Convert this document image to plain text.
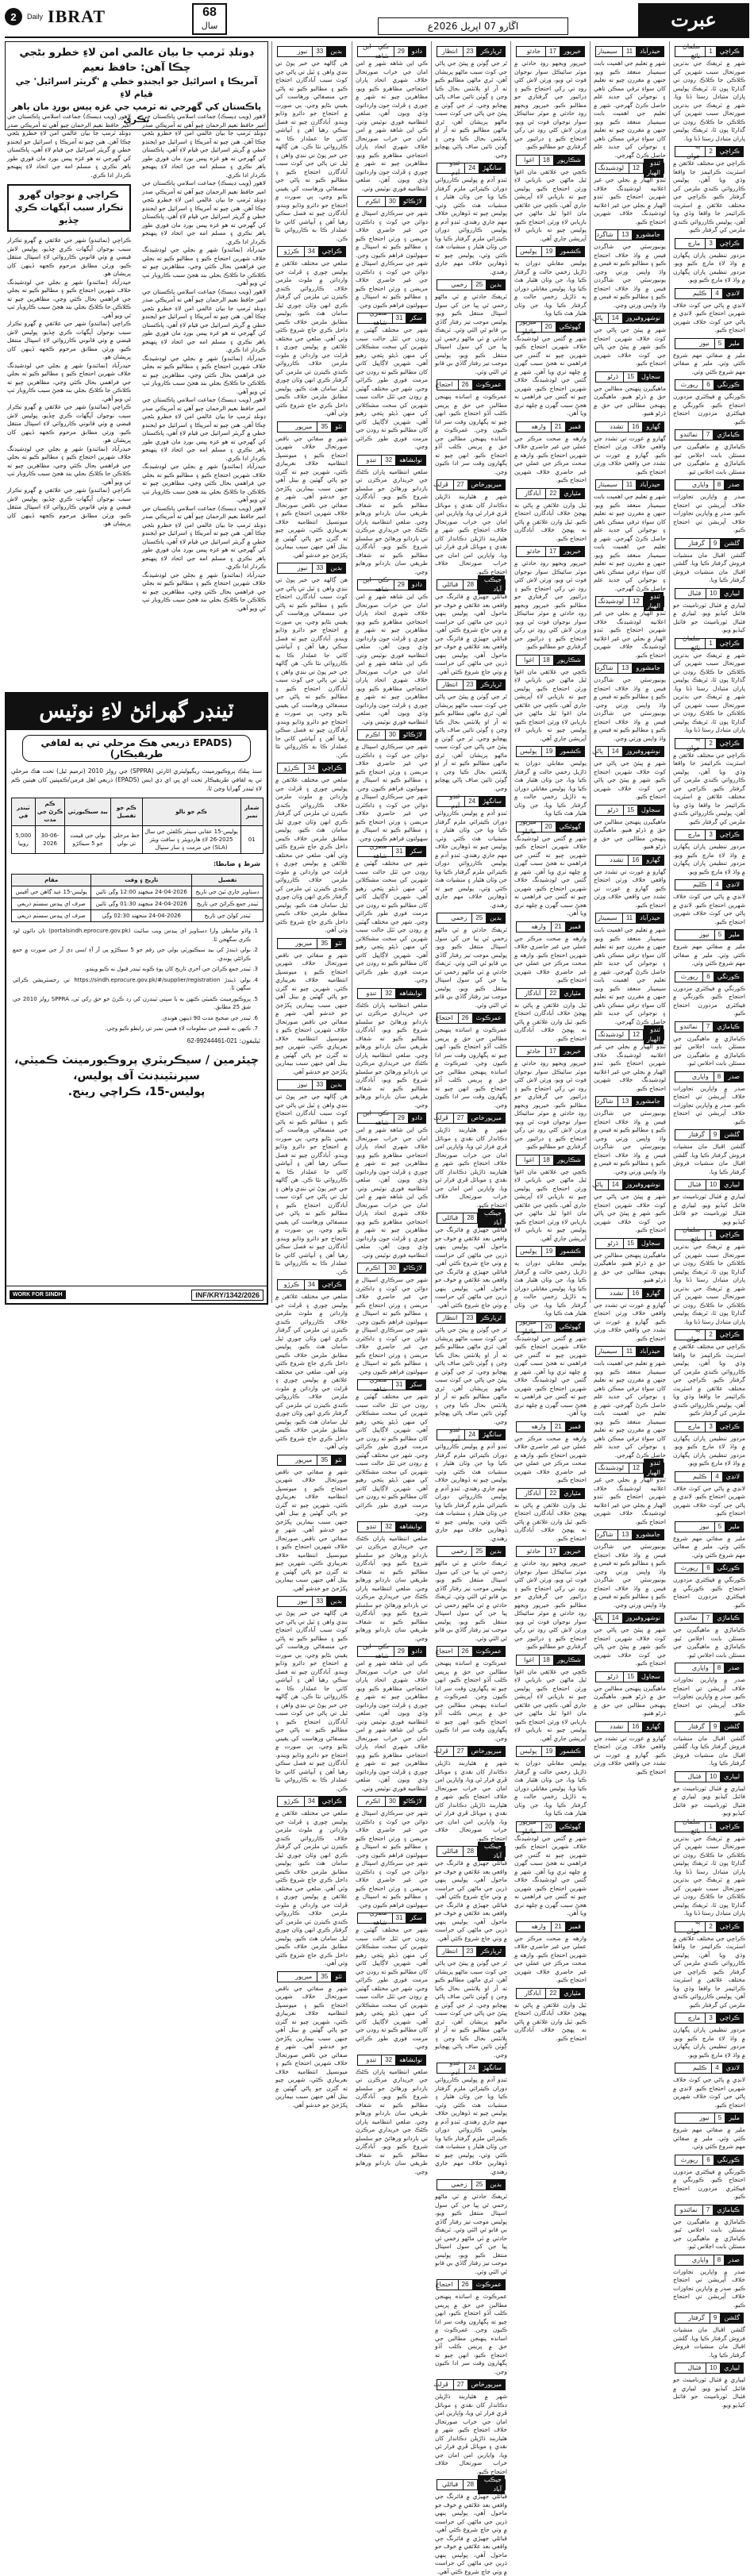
2	Daily IBRAT	68
سال	اڱارو 07 اپريل 2026ع	عبرت
ڊونلڊ ٽرمپ جا بيان عالمي امن لاءِ خطرو بڻجي چڪا آهن: حافظ نعيم
آمريڪا ۽ اسرائيل جو ايجنڊو خطي ۾ 'گريٽر اسرائيل' جي قيام لاءِ
پاڪستان کي گهرجي ته ٽرمپ جي غزه پيس بورڊ مان ٻاهر نڪري

لاهور (ويب ڊيسڪ) جماعت اسلامي پاڪستان جي امير حافظ نعيم الرحمان چيو آهي ته آمريڪي صدر ڊونلڊ ٽرمپ جا بيان عالمي امن لاءِ خطرو بڻجي چڪا آهن. هنن چيو ته آمريڪا ۽ اسرائيل جو ايجنڊو خطي ۾ گريٽر اسرائيل جي قيام لاءِ آهي، پاڪستان کي گهرجي ته هو غزه پيس بورڊ مان فوري طور ٻاهر نڪري ۽ مسلم امه جي اتحاد لاءِ پنهنجو ڪردار ادا ڪري.

لاهور (ويب ڊيسڪ) جماعت اسلامي پاڪستان جي امير حافظ نعيم الرحمان چيو آهي ته آمريڪي صدر ڊونلڊ ٽرمپ جا بيان عالمي امن لاءِ خطرو بڻجي چڪا آهن. هنن چيو ته آمريڪا ۽ اسرائيل جو ايجنڊو خطي ۾ گريٽر اسرائيل جي قيام لاءِ آهي، پاڪستان کي گهرجي ته هو غزه پيس بورڊ مان فوري طور ٻاهر نڪري ۽ مسلم امه جي اتحاد لاءِ پنهنجو ڪردار ادا ڪري.

حيدرآباد (نمائندو) شهر ۾ بجلي جي لوڊشيڊنگ خلاف شهرين احتجاج ڪيو ۽ مطالبو ڪيو ته بجلي جي فراهمي بحال ڪئي وڃي، مظاهرين چيو ته ڪلاڪن جا ڪلاڪ بجلي بند هجڻ سبب ڪاروبار ٺپ ٿي ويو آهي.

لاهور (ويب ڊيسڪ) جماعت اسلامي پاڪستان جي امير حافظ نعيم الرحمان چيو آهي ته آمريڪي صدر ڊونلڊ ٽرمپ جا بيان عالمي امن لاءِ خطرو بڻجي چڪا آهن. هنن چيو ته آمريڪا ۽ اسرائيل جو ايجنڊو خطي ۾ گريٽر اسرائيل جي قيام لاءِ آهي، پاڪستان کي گهرجي ته هو غزه پيس بورڊ مان فوري طور ٻاهر نڪري ۽ مسلم امه جي اتحاد لاءِ پنهنجو ڪردار ادا ڪري.

حيدرآباد (نمائندو) شهر ۾ بجلي جي لوڊشيڊنگ خلاف شهرين احتجاج ڪيو ۽ مطالبو ڪيو ته بجلي جي فراهمي بحال ڪئي وڃي، مظاهرين چيو ته ڪلاڪن جا ڪلاڪ بجلي بند هجڻ سبب ڪاروبار ٺپ ٿي ويو آهي.

لاهور (ويب ڊيسڪ) جماعت اسلامي پاڪستان جي امير حافظ نعيم الرحمان چيو آهي ته آمريڪي صدر ڊونلڊ ٽرمپ جا بيان عالمي امن لاءِ خطرو بڻجي چڪا آهن. هنن چيو ته آمريڪا ۽ اسرائيل جو ايجنڊو خطي ۾ گريٽر اسرائيل جي قيام لاءِ آهي، پاڪستان کي گهرجي ته هو غزه پيس بورڊ مان فوري طور ٻاهر نڪري ۽ مسلم امه جي اتحاد لاءِ پنهنجو ڪردار ادا ڪري.

حيدرآباد (نمائندو) شهر ۾ بجلي جي لوڊشيڊنگ خلاف شهرين احتجاج ڪيو ۽ مطالبو ڪيو ته بجلي جي فراهمي بحال ڪئي وڃي، مظاهرين چيو ته ڪلاڪن جا ڪلاڪ بجلي بند هجڻ سبب ڪاروبار ٺپ ٿي ويو آهي.

لاهور (ويب ڊيسڪ) جماعت اسلامي پاڪستان جي امير حافظ نعيم الرحمان چيو آهي ته آمريڪي صدر ڊونلڊ ٽرمپ جا بيان عالمي امن لاءِ خطرو بڻجي چڪا آهن. هنن چيو ته آمريڪا ۽ اسرائيل جو ايجنڊو خطي ۾ گريٽر اسرائيل جي قيام لاءِ آهي، پاڪستان کي گهرجي ته هو غزه پيس بورڊ مان فوري طور ٻاهر نڪري ۽ مسلم امه جي اتحاد لاءِ پنهنجو ڪردار ادا ڪري.

حيدرآباد (نمائندو) شهر ۾ بجلي جي لوڊشيڊنگ خلاف شهرين احتجاج ڪيو ۽ مطالبو ڪيو ته بجلي جي فراهمي بحال ڪئي وڃي، مظاهرين چيو ته ڪلاڪن جا ڪلاڪ بجلي بند هجڻ سبب ڪاروبار ٺپ ٿي ويو آهي.

لاهور (ويب ڊيسڪ) جماعت اسلامي پاڪستان جي امير حافظ نعيم الرحمان چيو آهي ته آمريڪي صدر ڊونلڊ ٽرمپ جا بيان عالمي امن لاءِ خطرو بڻجي چڪا آهن. هنن چيو ته آمريڪا ۽ اسرائيل جو ايجنڊو خطي ۾ گريٽر اسرائيل جي قيام لاءِ آهي، پاڪستان کي گهرجي ته هو غزه پيس بورڊ مان فوري طور ٻاهر نڪري ۽ مسلم امه جي اتحاد لاءِ پنهنجو ڪردار ادا ڪري.

ڪراچي ۾ نوجوان گهرو تڪرار سبب آپگهات ڪري ڇڏيو

ڪراچي (نمائندو) شهر جي علائقي ۾ گهرو تڪرار سبب نوجوان آپگهات ڪري ڇڏيو، پوليس لاش قبضي ۾ وٺي قانوني ڪارروائي لاءِ اسپتال منتقل ڪيو، ورثن مطابق مرحوم ڪجهه ڏينهن کان پريشان هو.

حيدرآباد (نمائندو) شهر ۾ بجلي جي لوڊشيڊنگ خلاف شهرين احتجاج ڪيو ۽ مطالبو ڪيو ته بجلي جي فراهمي بحال ڪئي وڃي، مظاهرين چيو ته ڪلاڪن جا ڪلاڪ بجلي بند هجڻ سبب ڪاروبار ٺپ ٿي ويو آهي.

ڪراچي (نمائندو) شهر جي علائقي ۾ گهرو تڪرار سبب نوجوان آپگهات ڪري ڇڏيو، پوليس لاش قبضي ۾ وٺي قانوني ڪارروائي لاءِ اسپتال منتقل ڪيو، ورثن مطابق مرحوم ڪجهه ڏينهن کان پريشان هو.

حيدرآباد (نمائندو) شهر ۾ بجلي جي لوڊشيڊنگ خلاف شهرين احتجاج ڪيو ۽ مطالبو ڪيو ته بجلي جي فراهمي بحال ڪئي وڃي، مظاهرين چيو ته ڪلاڪن جا ڪلاڪ بجلي بند هجڻ سبب ڪاروبار ٺپ ٿي ويو آهي.

ڪراچي (نمائندو) شهر جي علائقي ۾ گهرو تڪرار سبب نوجوان آپگهات ڪري ڇڏيو، پوليس لاش قبضي ۾ وٺي قانوني ڪارروائي لاءِ اسپتال منتقل ڪيو، ورثن مطابق مرحوم ڪجهه ڏينهن کان پريشان هو.

حيدرآباد (نمائندو) شهر ۾ بجلي جي لوڊشيڊنگ خلاف شهرين احتجاج ڪيو ۽ مطالبو ڪيو ته بجلي جي فراهمي بحال ڪئي وڃي، مظاهرين چيو ته ڪلاڪن جا ڪلاڪ بجلي بند هجڻ سبب ڪاروبار ٺپ ٿي ويو آهي.

ڪراچي (نمائندو) شهر جي علائقي ۾ گهرو تڪرار سبب نوجوان آپگهات ڪري ڇڏيو، پوليس لاش قبضي ۾ وٺي قانوني ڪارروائي لاءِ اسپتال منتقل ڪيو، ورثن مطابق مرحوم ڪجهه ڏينهن کان پريشان هو.

ٽينڊر گهرائڻ لاءِ نوٽيس
(EPADS ذريعي هڪ مرحلي تي ٻه لفافي طريقيڪار)
سنڌ پبلڪ پروڪيورمينٽ ريگيوليٽري اٿارٽي (SPPRA) جي رولز 2010 (ترميم ٿيل) تحت هڪ مرحلي تي ٻه لفافي طريقيڪار تحت اي پي اي ڊي ايس (EPADS) ذريعي اهل فرمن/ڪمپنين کان هيٺين ڪم لاءِ ٽينڊر گهرايا وڃن ٿا.
شمار نمبر	ڪم جو نالو	ڪم جو تفصيل	بيڊ سيڪيورٽي	ڪم ڪرڻ جي مدت	ٽينڊر في
01	پوليس-15 عقابي سينٽر ڪلفٽن جي سال 2025-26 لاءِ هارڊويئر ۽ سافٽ ويئر (SLA) جي مرمت ۽ سار سنڀال	خط مرحلي تي بولي	بولي جي قيمت جو 5 سيڪڙو	30-06-2026	5,000 روپيا
شرط ۽ ضابطا:
تفصيل	تاريخ ۽ وقت	مقام
دستاويز جاري ٿيڻ جي تاريخ	24-04-2026 منجهند 12:00 وڳي تائين	پوليس-15 عيد ڳاهن جي آفيس
ٽينڊر جمع ڪرائڻ جي تاريخ	24-04-2026 منجهند 01:30 وڳي تائين	صرف اي پيڊس سسٽم ذريعي
ٽينڊر کولڻ جي تاريخ	24-04-2026 منجهند 02:30 وڳي	صرف اي پيڊس سسٽم ذريعي
1. واڌو ضابطي وارا دستاويز اي پيڊس ويب سائيٽ (portalsindh.eprocure.gov.pk) تان ڊائون لوڊ ڪري سگهجن ٿا.
2. بولي ڏيندڙ کي بيڊ سيڪيورٽي بولي جي رقم جو 5 سيڪڙو پي آر آءِ /سي ڊي آر جي صورت ۾ جمع ڪرائڻي پوندي.
3. ٽينڊر جمع ڪرائڻ جي آخري تاريخ کان پوءِ ڪوبه ٽينڊر قبول نه ڪيو ويندو.
4. بولي ڏيندڙ https://sindh.eprocure.gov.pk/#/supplier/registration تي رجسٽريشن ڪرائي سگهن ٿا.
5. پروڪيورمينٽ ڪميٽي ڪنهن به يا سڀني ٽينڊرن کي رد ڪرڻ جو حق رکي ٿي، SPPRA رولز 2010 جي شق 25 مطابق.
6. ٽينڊر جي صحيح مدت 90 ڏينهن هوندي.
7. ڪنهن به قسم جي معلومات لاءِ هيٺين نمبر تي رابطو ڪيو وڃي.
ٽيليفون: 021-99244461-62
چيئرمين / سيڪريٽري پروڪيورمينٽ ڪميٽي،
سپرنٽينڊنٽ آف پوليس،
پوليس-15، ڪراچي رينج.
WORK FOR SINDH	INF/KRY/1342/2026
بدين
33
نيوز

هن ڳالهه جي خبر پوڻ تي ننڍي واهن ۽ ٽيل تي پاڻي جي کوٽ سبب آبادگارن احتجاج ڪيو ۽ مطالبو ڪيو ته پاڻي جي منصفاڻي ورهاست کي يقيني بڻايو وڃي، ٻي صورت ۾ احتجاج جو دائرو وڌايو ويندو. آبادگارن چيو ته فصل سڪي رهيا آهن ۽ آبپاشي کاتي جا عملدار ڪا به ڪارروائي نٿا ڪن. هن ڳالهه جي خبر پوڻ تي ننڍي واهن ۽ ٽيل تي پاڻي جي کوٽ سبب آبادگارن احتجاج ڪيو ۽ مطالبو ڪيو ته پاڻي جي منصفاڻي ورهاست کي يقيني بڻايو وڃي، ٻي صورت ۾ احتجاج جو دائرو وڌايو ويندو. آبادگارن چيو ته فصل سڪي رهيا آهن ۽ آبپاشي کاتي جا عملدار ڪا به ڪارروائي نٿا ڪن.

ڪراچي
34
ڪرڙو

ضلعي جي مختلف علائقن ۾ پوليس چوري ۽ ڦرلٽ جي وارداتن ۾ ملوث ملزمن خلاف ڪارروائي ڪندي ڪيترن ئي ملزمن کي گرفتار ڪري انهن وٽان چوري ٿيل سامان هٿ ڪيو، پوليس مطابق ملزمن خلاف ڪيس داخل ڪري جاچ شروع ڪئي وئي آهي. ضلعي جي مختلف علائقن ۾ پوليس چوري ۽ ڦرلٽ جي وارداتن ۾ ملوث ملزمن خلاف ڪارروائي ڪندي ڪيترن ئي ملزمن کي گرفتار ڪري انهن وٽان چوري ٿيل سامان هٿ ڪيو، پوليس مطابق ملزمن خلاف ڪيس داخل ڪري جاچ شروع ڪئي وئي آهي.

ٺٽو
35
ميرپور

شهر ۾ صفائي جي ناقص صورتحال خلاف شهرين احتجاج ڪيو ۽ ميونسپل انتظاميه خلاف نعريبازي ڪئي، شهرين چيو ته گٽرن جو پاڻي گهٽين ۾ بيٺل آهي جنهن سبب بيمارين پکڙجڻ جو خدشو آهي. شهر ۾ صفائي جي ناقص صورتحال خلاف شهرين احتجاج ڪيو ۽ ميونسپل انتظاميه خلاف نعريبازي ڪئي، شهرين چيو ته گٽرن جو پاڻي گهٽين ۾ بيٺل آهي جنهن سبب بيمارين پکڙجڻ جو خدشو آهي.

بدين
33
نيوز

هن ڳالهه جي خبر پوڻ تي ننڍي واهن ۽ ٽيل تي پاڻي جي کوٽ سبب آبادگارن احتجاج ڪيو ۽ مطالبو ڪيو ته پاڻي جي منصفاڻي ورهاست کي يقيني بڻايو وڃي، ٻي صورت ۾ احتجاج جو دائرو وڌايو ويندو. آبادگارن چيو ته فصل سڪي رهيا آهن ۽ آبپاشي کاتي جا عملدار ڪا به ڪارروائي نٿا ڪن. هن ڳالهه جي خبر پوڻ تي ننڍي واهن ۽ ٽيل تي پاڻي جي کوٽ سبب آبادگارن احتجاج ڪيو ۽ مطالبو ڪيو ته پاڻي جي منصفاڻي ورهاست کي يقيني بڻايو وڃي، ٻي صورت ۾ احتجاج جو دائرو وڌايو ويندو. آبادگارن چيو ته فصل سڪي رهيا آهن ۽ آبپاشي کاتي جا عملدار ڪا به ڪارروائي نٿا ڪن.

ڪراچي
34
ڪرڙو

ضلعي جي مختلف علائقن ۾ پوليس چوري ۽ ڦرلٽ جي وارداتن ۾ ملوث ملزمن خلاف ڪارروائي ڪندي ڪيترن ئي ملزمن کي گرفتار ڪري انهن وٽان چوري ٿيل سامان هٿ ڪيو، پوليس مطابق ملزمن خلاف ڪيس داخل ڪري جاچ شروع ڪئي وئي آهي. ضلعي جي مختلف علائقن ۾ پوليس چوري ۽ ڦرلٽ جي وارداتن ۾ ملوث ملزمن خلاف ڪارروائي ڪندي ڪيترن ئي ملزمن کي گرفتار ڪري انهن وٽان چوري ٿيل سامان هٿ ڪيو، پوليس مطابق ملزمن خلاف ڪيس داخل ڪري جاچ شروع ڪئي وئي آهي.

ٺٽو
35
ميرپور

شهر ۾ صفائي جي ناقص صورتحال خلاف شهرين احتجاج ڪيو ۽ ميونسپل انتظاميه خلاف نعريبازي ڪئي، شهرين چيو ته گٽرن جو پاڻي گهٽين ۾ بيٺل آهي جنهن سبب بيمارين پکڙجڻ جو خدشو آهي. شهر ۾ صفائي جي ناقص صورتحال خلاف شهرين احتجاج ڪيو ۽ ميونسپل انتظاميه خلاف نعريبازي ڪئي، شهرين چيو ته گٽرن جو پاڻي گهٽين ۾ بيٺل آهي جنهن سبب بيمارين پکڙجڻ جو خدشو آهي.

بدين
33
نيوز

هن ڳالهه جي خبر پوڻ تي ننڍي واهن ۽ ٽيل تي پاڻي جي کوٽ سبب آبادگارن احتجاج ڪيو ۽ مطالبو ڪيو ته پاڻي جي منصفاڻي ورهاست کي يقيني بڻايو وڃي، ٻي صورت ۾ احتجاج جو دائرو وڌايو ويندو. آبادگارن چيو ته فصل سڪي رهيا آهن ۽ آبپاشي کاتي جا عملدار ڪا به ڪارروائي نٿا ڪن. هن ڳالهه جي خبر پوڻ تي ننڍي واهن ۽ ٽيل تي پاڻي جي کوٽ سبب آبادگارن احتجاج ڪيو ۽ مطالبو ڪيو ته پاڻي جي منصفاڻي ورهاست کي يقيني بڻايو وڃي، ٻي صورت ۾ احتجاج جو دائرو وڌايو ويندو. آبادگارن چيو ته فصل سڪي رهيا آهن ۽ آبپاشي کاتي جا عملدار ڪا به ڪارروائي نٿا ڪن.

ڪراچي
34
ڪرڙو

ضلعي جي مختلف علائقن ۾ پوليس چوري ۽ ڦرلٽ جي وارداتن ۾ ملوث ملزمن خلاف ڪارروائي ڪندي ڪيترن ئي ملزمن کي گرفتار ڪري انهن وٽان چوري ٿيل سامان هٿ ڪيو، پوليس مطابق ملزمن خلاف ڪيس داخل ڪري جاچ شروع ڪئي وئي آهي. ضلعي جي مختلف علائقن ۾ پوليس چوري ۽ ڦرلٽ جي وارداتن ۾ ملوث ملزمن خلاف ڪارروائي ڪندي ڪيترن ئي ملزمن کي گرفتار ڪري انهن وٽان چوري ٿيل سامان هٿ ڪيو، پوليس مطابق ملزمن خلاف ڪيس داخل ڪري جاچ شروع ڪئي وئي آهي.

ٺٽو
35
ميرپور

شهر ۾ صفائي جي ناقص صورتحال خلاف شهرين احتجاج ڪيو ۽ ميونسپل انتظاميه خلاف نعريبازي ڪئي، شهرين چيو ته گٽرن جو پاڻي گهٽين ۾ بيٺل آهي جنهن سبب بيمارين پکڙجڻ جو خدشو آهي. شهر ۾ صفائي جي ناقص صورتحال خلاف شهرين احتجاج ڪيو ۽ ميونسپل انتظاميه خلاف نعريبازي ڪئي، شهرين چيو ته گٽرن جو پاڻي گهٽين ۾ بيٺل آهي جنهن سبب بيمارين پکڙجڻ جو خدشو آهي.

بدين
33
نيوز

هن ڳالهه جي خبر پوڻ تي ننڍي واهن ۽ ٽيل تي پاڻي جي کوٽ سبب آبادگارن احتجاج ڪيو ۽ مطالبو ڪيو ته پاڻي جي منصفاڻي ورهاست کي يقيني بڻايو وڃي، ٻي صورت ۾ احتجاج جو دائرو وڌايو ويندو. آبادگارن چيو ته فصل سڪي رهيا آهن ۽ آبپاشي کاتي جا عملدار ڪا به ڪارروائي نٿا ڪن. هن ڳالهه جي خبر پوڻ تي ننڍي واهن ۽ ٽيل تي پاڻي جي کوٽ سبب آبادگارن احتجاج ڪيو ۽ مطالبو ڪيو ته پاڻي جي منصفاڻي ورهاست کي يقيني بڻايو وڃي، ٻي صورت ۾ احتجاج جو دائرو وڌايو ويندو. آبادگارن چيو ته فصل سڪي رهيا آهن ۽ آبپاشي کاتي جا عملدار ڪا به ڪارروائي نٿا ڪن.

ڪراچي
34
ڪرڙو

ضلعي جي مختلف علائقن ۾ پوليس چوري ۽ ڦرلٽ جي وارداتن ۾ ملوث ملزمن خلاف ڪارروائي ڪندي ڪيترن ئي ملزمن کي گرفتار ڪري انهن وٽان چوري ٿيل سامان هٿ ڪيو، پوليس مطابق ملزمن خلاف ڪيس داخل ڪري جاچ شروع ڪئي وئي آهي. ضلعي جي مختلف علائقن ۾ پوليس چوري ۽ ڦرلٽ جي وارداتن ۾ ملوث ملزمن خلاف ڪارروائي ڪندي ڪيترن ئي ملزمن کي گرفتار ڪري انهن وٽان چوري ٿيل سامان هٿ ڪيو، پوليس مطابق ملزمن خلاف ڪيس داخل ڪري جاچ شروع ڪئي وئي آهي.

ٺٽو
35
ميرپور

شهر ۾ صفائي جي ناقص صورتحال خلاف شهرين احتجاج ڪيو ۽ ميونسپل انتظاميه خلاف نعريبازي ڪئي، شهرين چيو ته گٽرن جو پاڻي گهٽين ۾ بيٺل آهي جنهن سبب بيمارين پکڙجڻ جو خدشو آهي. شهر ۾ صفائي جي ناقص صورتحال خلاف شهرين احتجاج ڪيو ۽ ميونسپل انتظاميه خلاف نعريبازي ڪئي، شهرين چيو ته گٽرن جو پاڻي گهٽين ۾ بيٺل آهي جنهن سبب بيمارين پکڙجڻ جو خدشو آهي.

دادو
29
ڪي اين شاهه

ڪي اين شاهه شهر ۾ امن امان جي خراب صورتحال خلاف شهري اتحاد پاران احتجاجي مظاهرو ڪيو ويو، مظاهرين چيو ته شهر ۾ چوري ۽ ڦرلٽ جون وارداتون وڌي ويون آهن، ضلعي انتظاميه فوري نوٽيس وٺي. ڪي اين شاهه شهر ۾ امن امان جي خراب صورتحال خلاف شهري اتحاد پاران احتجاجي مظاهرو ڪيو ويو، مظاهرين چيو ته شهر ۾ چوري ۽ ڦرلٽ جون وارداتون وڌي ويون آهن، ضلعي انتظاميه فوري نوٽيس وٺي.

لاڙڪاڻو
30
اڪرم

شهر جي سرڪاري اسپتال ۾ دوائن جي کوٽ ۽ ڊاڪٽرن جي غير حاضري خلاف مريضن ۽ ورثن احتجاج ڪيو ۽ مطالبو ڪيو ته اسپتال ۾ سهولتون فراهم ڪيون وڃن. شهر جي سرڪاري اسپتال ۾ دوائن جي کوٽ ۽ ڊاڪٽرن جي غير حاضري خلاف مريضن ۽ ورثن احتجاج ڪيو ۽ مطالبو ڪيو ته اسپتال ۾ سهولتون فراهم ڪيون وڃن.

سکر
31
مصري شاهه

شهر جي مختلف گهٽين ۾ روڊن جي ٽٽل حالت سبب شهرين کي سخت مشڪلاتن کي منهن ڏيڻو پئجي رهيو آهي، شهرين لاڳاپيل کاتي کان مطالبو ڪيو ته روڊن جي مرمت فوري طور ڪرائي وڃي. شهر جي مختلف گهٽين ۾ روڊن جي ٽٽل حالت سبب شهرين کي سخت مشڪلاتن کي منهن ڏيڻو پئجي رهيو آهي، شهرين لاڳاپيل کاتي کان مطالبو ڪيو ته روڊن جي مرمت فوري طور ڪرائي وڃي.

نوابشاهه
32
تنڊو

ضلعي انتظاميه پاران ڪڻڪ جي خريداري مرڪزن تي باردانو ورهائڻ جو سلسلو شروع ڪيو ويو، آبادگارن مطالبو ڪيو ته شفاف طريقي سان باردانو ورهايو وڃي. ضلعي انتظاميه پاران ڪڻڪ جي خريداري مرڪزن تي باردانو ورهائڻ جو سلسلو شروع ڪيو ويو، آبادگارن مطالبو ڪيو ته شفاف طريقي سان باردانو ورهايو وڃي.

دادو
29
ڪي اين شاهه

ڪي اين شاهه شهر ۾ امن امان جي خراب صورتحال خلاف شهري اتحاد پاران احتجاجي مظاهرو ڪيو ويو، مظاهرين چيو ته شهر ۾ چوري ۽ ڦرلٽ جون وارداتون وڌي ويون آهن، ضلعي انتظاميه فوري نوٽيس وٺي. ڪي اين شاهه شهر ۾ امن امان جي خراب صورتحال خلاف شهري اتحاد پاران احتجاجي مظاهرو ڪيو ويو، مظاهرين چيو ته شهر ۾ چوري ۽ ڦرلٽ جون وارداتون وڌي ويون آهن، ضلعي انتظاميه فوري نوٽيس وٺي.

لاڙڪاڻو
30
اڪرم

شهر جي سرڪاري اسپتال ۾ دوائن جي کوٽ ۽ ڊاڪٽرن جي غير حاضري خلاف مريضن ۽ ورثن احتجاج ڪيو ۽ مطالبو ڪيو ته اسپتال ۾ سهولتون فراهم ڪيون وڃن. شهر جي سرڪاري اسپتال ۾ دوائن جي کوٽ ۽ ڊاڪٽرن جي غير حاضري خلاف مريضن ۽ ورثن احتجاج ڪيو ۽ مطالبو ڪيو ته اسپتال ۾ سهولتون فراهم ڪيون وڃن.

سکر
31
مصري شاهه

شهر جي مختلف گهٽين ۾ روڊن جي ٽٽل حالت سبب شهرين کي سخت مشڪلاتن کي منهن ڏيڻو پئجي رهيو آهي، شهرين لاڳاپيل کاتي کان مطالبو ڪيو ته روڊن جي مرمت فوري طور ڪرائي وڃي. شهر جي مختلف گهٽين ۾ روڊن جي ٽٽل حالت سبب شهرين کي سخت مشڪلاتن کي منهن ڏيڻو پئجي رهيو آهي، شهرين لاڳاپيل کاتي کان مطالبو ڪيو ته روڊن جي مرمت فوري طور ڪرائي وڃي.

نوابشاهه
32
تنڊو

ضلعي انتظاميه پاران ڪڻڪ جي خريداري مرڪزن تي باردانو ورهائڻ جو سلسلو شروع ڪيو ويو، آبادگارن مطالبو ڪيو ته شفاف طريقي سان باردانو ورهايو وڃي. ضلعي انتظاميه پاران ڪڻڪ جي خريداري مرڪزن تي باردانو ورهائڻ جو سلسلو شروع ڪيو ويو، آبادگارن مطالبو ڪيو ته شفاف طريقي سان باردانو ورهايو وڃي.

دادو
29
ڪي اين شاهه

ڪي اين شاهه شهر ۾ امن امان جي خراب صورتحال خلاف شهري اتحاد پاران احتجاجي مظاهرو ڪيو ويو، مظاهرين چيو ته شهر ۾ چوري ۽ ڦرلٽ جون وارداتون وڌي ويون آهن، ضلعي انتظاميه فوري نوٽيس وٺي. ڪي اين شاهه شهر ۾ امن امان جي خراب صورتحال خلاف شهري اتحاد پاران احتجاجي مظاهرو ڪيو ويو، مظاهرين چيو ته شهر ۾ چوري ۽ ڦرلٽ جون وارداتون وڌي ويون آهن، ضلعي انتظاميه فوري نوٽيس وٺي.

لاڙڪاڻو
30
اڪرم

شهر جي سرڪاري اسپتال ۾ دوائن جي کوٽ ۽ ڊاڪٽرن جي غير حاضري خلاف مريضن ۽ ورثن احتجاج ڪيو ۽ مطالبو ڪيو ته اسپتال ۾ سهولتون فراهم ڪيون وڃن. شهر جي سرڪاري اسپتال ۾ دوائن جي کوٽ ۽ ڊاڪٽرن جي غير حاضري خلاف مريضن ۽ ورثن احتجاج ڪيو ۽ مطالبو ڪيو ته اسپتال ۾ سهولتون فراهم ڪيون وڃن.

سکر
31
مصري شاهه

شهر جي مختلف گهٽين ۾ روڊن جي ٽٽل حالت سبب شهرين کي سخت مشڪلاتن کي منهن ڏيڻو پئجي رهيو آهي، شهرين لاڳاپيل کاتي کان مطالبو ڪيو ته روڊن جي مرمت فوري طور ڪرائي وڃي. شهر جي مختلف گهٽين ۾ روڊن جي ٽٽل حالت سبب شهرين کي سخت مشڪلاتن کي منهن ڏيڻو پئجي رهيو آهي، شهرين لاڳاپيل کاتي کان مطالبو ڪيو ته روڊن جي مرمت فوري طور ڪرائي وڃي.

نوابشاهه
32
تنڊو

ضلعي انتظاميه پاران ڪڻڪ جي خريداري مرڪزن تي باردانو ورهائڻ جو سلسلو شروع ڪيو ويو، آبادگارن مطالبو ڪيو ته شفاف طريقي سان باردانو ورهايو وڃي. ضلعي انتظاميه پاران ڪڻڪ جي خريداري مرڪزن تي باردانو ورهائڻ جو سلسلو شروع ڪيو ويو، آبادگارن مطالبو ڪيو ته شفاف طريقي سان باردانو ورهايو وڃي.

دادو
29
ڪي اين شاهه

ڪي اين شاهه شهر ۾ امن امان جي خراب صورتحال خلاف شهري اتحاد پاران احتجاجي مظاهرو ڪيو ويو، مظاهرين چيو ته شهر ۾ چوري ۽ ڦرلٽ جون وارداتون وڌي ويون آهن، ضلعي انتظاميه فوري نوٽيس وٺي. ڪي اين شاهه شهر ۾ امن امان جي خراب صورتحال خلاف شهري اتحاد پاران احتجاجي مظاهرو ڪيو ويو، مظاهرين چيو ته شهر ۾ چوري ۽ ڦرلٽ جون وارداتون وڌي ويون آهن، ضلعي انتظاميه فوري نوٽيس وٺي.

لاڙڪاڻو
30
اڪرم

شهر جي سرڪاري اسپتال ۾ دوائن جي کوٽ ۽ ڊاڪٽرن جي غير حاضري خلاف مريضن ۽ ورثن احتجاج ڪيو ۽ مطالبو ڪيو ته اسپتال ۾ سهولتون فراهم ڪيون وڃن. شهر جي سرڪاري اسپتال ۾ دوائن جي کوٽ ۽ ڊاڪٽرن جي غير حاضري خلاف مريضن ۽ ورثن احتجاج ڪيو ۽ مطالبو ڪيو ته اسپتال ۾ سهولتون فراهم ڪيون وڃن.

سکر
31
مصري شاهه

شهر جي مختلف گهٽين ۾ روڊن جي ٽٽل حالت سبب شهرين کي سخت مشڪلاتن کي منهن ڏيڻو پئجي رهيو آهي، شهرين لاڳاپيل کاتي کان مطالبو ڪيو ته روڊن جي مرمت فوري طور ڪرائي وڃي. شهر جي مختلف گهٽين ۾ روڊن جي ٽٽل حالت سبب شهرين کي سخت مشڪلاتن کي منهن ڏيڻو پئجي رهيو آهي، شهرين لاڳاپيل کاتي کان مطالبو ڪيو ته روڊن جي مرمت فوري طور ڪرائي وڃي.

نوابشاهه
32
تنڊو

ضلعي انتظاميه پاران ڪڻڪ جي خريداري مرڪزن تي باردانو ورهائڻ جو سلسلو شروع ڪيو ويو، آبادگارن مطالبو ڪيو ته شفاف طريقي سان باردانو ورهايو وڃي. ضلعي انتظاميه پاران ڪڻڪ جي خريداري مرڪزن تي باردانو ورهائڻ جو سلسلو شروع ڪيو ويو، آبادگارن مطالبو ڪيو ته شفاف طريقي سان باردانو ورهايو وڃي.

ٿرپارڪر
23
انتظار

ٿر جي ڳوٺن ۾ پيئڻ جي پاڻي جي کوٽ سبب ماڻهو پريشان آهن، ٿري ماڻهن مطالبو ڪيو ته آر او پلانٽس بحال ڪيا وڃن ۽ ڳوٺن تائين صاف پاڻي پهچايو وڃي. ٿر جي ڳوٺن ۾ پيئڻ جي پاڻي جي کوٽ سبب ماڻهو پريشان آهن، ٿري ماڻهن مطالبو ڪيو ته آر او پلانٽس بحال ڪيا وڃن ۽ ڳوٺن تائين صاف پاڻي پهچايو وڃي.

سانگهڙ
24
ٽنڊو آدم

ٽنڊو آدم ۾ پوليس ڪارروائي دوران ڪيترائي ملزم گرفتار ڪيا ويا جن وٽان هٿيار ۽ منشيات هٿ ڪئي وئي، پوليس چيو ته ڏوهارين خلاف مهم جاري رهندي. ٽنڊو آدم ۾ پوليس ڪارروائي دوران ڪيترائي ملزم گرفتار ڪيا ويا جن وٽان هٿيار ۽ منشيات هٿ ڪئي وئي، پوليس چيو ته ڏوهارين خلاف مهم جاري رهندي.

بدين
25
زخمي

ٽريفڪ حادثي ۾ ٽي ماڻهو زخمي ٿي پيا جن کي سول اسپتال منتقل ڪيو ويو، پوليس موجب تيز رفتار گاڏي بي قابو ٿي الٽي وئي. ٽريفڪ حادثي ۾ ٽي ماڻهو زخمي ٿي پيا جن کي سول اسپتال منتقل ڪيو ويو، پوليس موجب تيز رفتار گاڏي بي قابو ٿي الٽي وئي.

عمرڪوٽ
26
احتجاج

عمرڪوٽ ۾ اساتذه پنهنجن مطالبن جي حق ۾ پريس ڪلب آڏو احتجاج ڪيو، انهن چيو ته پگهارون وقت سر ادا ڪيون وڃن. عمرڪوٽ ۾ اساتذه پنهنجن مطالبن جي حق ۾ پريس ڪلب آڏو احتجاج ڪيو، انهن چيو ته پگهارون وقت سر ادا ڪيون وڃن.

ميرپورخاص
27
ڦرلٽ

شهر ۾ هٿياربند ڌاڙيلن دڪاندار کان نقدي ۽ موبائل ڦري فرار ٿي ويا، واپارين امن امان جي خراب صورتحال خلاف احتجاج ڪيو. شهر ۾ هٿياربند ڌاڙيلن دڪاندار کان نقدي ۽ موبائل ڦري فرار ٿي ويا، واپارين امن امان جي خراب صورتحال خلاف احتجاج ڪيو.

جيڪب آباد
28
قبائلي

قبائلي جهيڙي ۾ فائرنگ جي واقعي بعد علائقي ۾ خوف جو ماحول آهي، پوليس ٻنهي ڌرين جي ماڻهن کي حراست ۾ وٺي جاچ شروع ڪئي آهي. قبائلي جهيڙي ۾ فائرنگ جي واقعي بعد علائقي ۾ خوف جو ماحول آهي، پوليس ٻنهي ڌرين جي ماڻهن کي حراست ۾ وٺي جاچ شروع ڪئي آهي.

ٿرپارڪر
23
انتظار

ٿر جي ڳوٺن ۾ پيئڻ جي پاڻي جي کوٽ سبب ماڻهو پريشان آهن، ٿري ماڻهن مطالبو ڪيو ته آر او پلانٽس بحال ڪيا وڃن ۽ ڳوٺن تائين صاف پاڻي پهچايو وڃي. ٿر جي ڳوٺن ۾ پيئڻ جي پاڻي جي کوٽ سبب ماڻهو پريشان آهن، ٿري ماڻهن مطالبو ڪيو ته آر او پلانٽس بحال ڪيا وڃن ۽ ڳوٺن تائين صاف پاڻي پهچايو وڃي.

سانگهڙ
24
ٽنڊو آدم

ٽنڊو آدم ۾ پوليس ڪارروائي دوران ڪيترائي ملزم گرفتار ڪيا ويا جن وٽان هٿيار ۽ منشيات هٿ ڪئي وئي، پوليس چيو ته ڏوهارين خلاف مهم جاري رهندي. ٽنڊو آدم ۾ پوليس ڪارروائي دوران ڪيترائي ملزم گرفتار ڪيا ويا جن وٽان هٿيار ۽ منشيات هٿ ڪئي وئي، پوليس چيو ته ڏوهارين خلاف مهم جاري رهندي.

بدين
25
زخمي

ٽريفڪ حادثي ۾ ٽي ماڻهو زخمي ٿي پيا جن کي سول اسپتال منتقل ڪيو ويو، پوليس موجب تيز رفتار گاڏي بي قابو ٿي الٽي وئي. ٽريفڪ حادثي ۾ ٽي ماڻهو زخمي ٿي پيا جن کي سول اسپتال منتقل ڪيو ويو، پوليس موجب تيز رفتار گاڏي بي قابو ٿي الٽي وئي.

عمرڪوٽ
26
احتجاج

عمرڪوٽ ۾ اساتذه پنهنجن مطالبن جي حق ۾ پريس ڪلب آڏو احتجاج ڪيو، انهن چيو ته پگهارون وقت سر ادا ڪيون وڃن. عمرڪوٽ ۾ اساتذه پنهنجن مطالبن جي حق ۾ پريس ڪلب آڏو احتجاج ڪيو، انهن چيو ته پگهارون وقت سر ادا ڪيون وڃن.

ميرپورخاص
27
ڦرلٽ

شهر ۾ هٿياربند ڌاڙيلن دڪاندار کان نقدي ۽ موبائل ڦري فرار ٿي ويا، واپارين امن امان جي خراب صورتحال خلاف احتجاج ڪيو. شهر ۾ هٿياربند ڌاڙيلن دڪاندار کان نقدي ۽ موبائل ڦري فرار ٿي ويا، واپارين امن امان جي خراب صورتحال خلاف احتجاج ڪيو.

جيڪب آباد
28
قبائلي

قبائلي جهيڙي ۾ فائرنگ جي واقعي بعد علائقي ۾ خوف جو ماحول آهي، پوليس ٻنهي ڌرين جي ماڻهن کي حراست ۾ وٺي جاچ شروع ڪئي آهي. قبائلي جهيڙي ۾ فائرنگ جي واقعي بعد علائقي ۾ خوف جو ماحول آهي، پوليس ٻنهي ڌرين جي ماڻهن کي حراست ۾ وٺي جاچ شروع ڪئي آهي.

ٿرپارڪر
23
انتظار

ٿر جي ڳوٺن ۾ پيئڻ جي پاڻي جي کوٽ سبب ماڻهو پريشان آهن، ٿري ماڻهن مطالبو ڪيو ته آر او پلانٽس بحال ڪيا وڃن ۽ ڳوٺن تائين صاف پاڻي پهچايو وڃي. ٿر جي ڳوٺن ۾ پيئڻ جي پاڻي جي کوٽ سبب ماڻهو پريشان آهن، ٿري ماڻهن مطالبو ڪيو ته آر او پلانٽس بحال ڪيا وڃن ۽ ڳوٺن تائين صاف پاڻي پهچايو وڃي.

سانگهڙ
24
ٽنڊو آدم

ٽنڊو آدم ۾ پوليس ڪارروائي دوران ڪيترائي ملزم گرفتار ڪيا ويا جن وٽان هٿيار ۽ منشيات هٿ ڪئي وئي، پوليس چيو ته ڏوهارين خلاف مهم جاري رهندي. ٽنڊو آدم ۾ پوليس ڪارروائي دوران ڪيترائي ملزم گرفتار ڪيا ويا جن وٽان هٿيار ۽ منشيات هٿ ڪئي وئي، پوليس چيو ته ڏوهارين خلاف مهم جاري رهندي.

بدين
25
زخمي

ٽريفڪ حادثي ۾ ٽي ماڻهو زخمي ٿي پيا جن کي سول اسپتال منتقل ڪيو ويو، پوليس موجب تيز رفتار گاڏي بي قابو ٿي الٽي وئي. ٽريفڪ حادثي ۾ ٽي ماڻهو زخمي ٿي پيا جن کي سول اسپتال منتقل ڪيو ويو، پوليس موجب تيز رفتار گاڏي بي قابو ٿي الٽي وئي.

عمرڪوٽ
26
احتجاج

عمرڪوٽ ۾ اساتذه پنهنجن مطالبن جي حق ۾ پريس ڪلب آڏو احتجاج ڪيو، انهن چيو ته پگهارون وقت سر ادا ڪيون وڃن. عمرڪوٽ ۾ اساتذه پنهنجن مطالبن جي حق ۾ پريس ڪلب آڏو احتجاج ڪيو، انهن چيو ته پگهارون وقت سر ادا ڪيون وڃن.

ميرپورخاص
27
ڦرلٽ

شهر ۾ هٿياربند ڌاڙيلن دڪاندار کان نقدي ۽ موبائل ڦري فرار ٿي ويا، واپارين امن امان جي خراب صورتحال خلاف احتجاج ڪيو. شهر ۾ هٿياربند ڌاڙيلن دڪاندار کان نقدي ۽ موبائل ڦري فرار ٿي ويا، واپارين امن امان جي خراب صورتحال خلاف احتجاج ڪيو.

جيڪب آباد
28
قبائلي

قبائلي جهيڙي ۾ فائرنگ جي واقعي بعد علائقي ۾ خوف جو ماحول آهي، پوليس ٻنهي ڌرين جي ماڻهن کي حراست ۾ وٺي جاچ شروع ڪئي آهي. قبائلي جهيڙي ۾ فائرنگ جي واقعي بعد علائقي ۾ خوف جو ماحول آهي، پوليس ٻنهي ڌرين جي ماڻهن کي حراست ۾ وٺي جاچ شروع ڪئي آهي.

ٿرپارڪر
23
انتظار

ٿر جي ڳوٺن ۾ پيئڻ جي پاڻي جي کوٽ سبب ماڻهو پريشان آهن، ٿري ماڻهن مطالبو ڪيو ته آر او پلانٽس بحال ڪيا وڃن ۽ ڳوٺن تائين صاف پاڻي پهچايو وڃي. ٿر جي ڳوٺن ۾ پيئڻ جي پاڻي جي کوٽ سبب ماڻهو پريشان آهن، ٿري ماڻهن مطالبو ڪيو ته آر او پلانٽس بحال ڪيا وڃن ۽ ڳوٺن تائين صاف پاڻي پهچايو وڃي.

سانگهڙ
24
ٽنڊو آدم

ٽنڊو آدم ۾ پوليس ڪارروائي دوران ڪيترائي ملزم گرفتار ڪيا ويا جن وٽان هٿيار ۽ منشيات هٿ ڪئي وئي، پوليس چيو ته ڏوهارين خلاف مهم جاري رهندي. ٽنڊو آدم ۾ پوليس ڪارروائي دوران ڪيترائي ملزم گرفتار ڪيا ويا جن وٽان هٿيار ۽ منشيات هٿ ڪئي وئي، پوليس چيو ته ڏوهارين خلاف مهم جاري رهندي.

بدين
25
زخمي

ٽريفڪ حادثي ۾ ٽي ماڻهو زخمي ٿي پيا جن کي سول اسپتال منتقل ڪيو ويو، پوليس موجب تيز رفتار گاڏي بي قابو ٿي الٽي وئي. ٽريفڪ حادثي ۾ ٽي ماڻهو زخمي ٿي پيا جن کي سول اسپتال منتقل ڪيو ويو، پوليس موجب تيز رفتار گاڏي بي قابو ٿي الٽي وئي.

عمرڪوٽ
26
احتجاج

عمرڪوٽ ۾ اساتذه پنهنجن مطالبن جي حق ۾ پريس ڪلب آڏو احتجاج ڪيو، انهن چيو ته پگهارون وقت سر ادا ڪيون وڃن. عمرڪوٽ ۾ اساتذه پنهنجن مطالبن جي حق ۾ پريس ڪلب آڏو احتجاج ڪيو، انهن چيو ته پگهارون وقت سر ادا ڪيون وڃن.

ميرپورخاص
27
ڦرلٽ

شهر ۾ هٿياربند ڌاڙيلن دڪاندار کان نقدي ۽ موبائل ڦري فرار ٿي ويا، واپارين امن امان جي خراب صورتحال خلاف احتجاج ڪيو. شهر ۾ هٿياربند ڌاڙيلن دڪاندار کان نقدي ۽ موبائل ڦري فرار ٿي ويا، واپارين امن امان جي خراب صورتحال خلاف احتجاج ڪيو.

جيڪب آباد
28
قبائلي

قبائلي جهيڙي ۾ فائرنگ جي واقعي بعد علائقي ۾ خوف جو ماحول آهي، پوليس ٻنهي ڌرين جي ماڻهن کي حراست ۾ وٺي جاچ شروع ڪئي آهي. قبائلي جهيڙي ۾ فائرنگ جي واقعي بعد علائقي ۾ خوف جو ماحول آهي، پوليس ٻنهي ڌرين جي ماڻهن کي حراست ۾ وٺي جاچ شروع ڪئي آهي.

خيرپور
17
حادثو

خيرپور ويجهو روڊ حادثي ۾ موٽر سائيڪل سوار نوجوان فوت ٿي ويو، ورثن لاش کڻي روڊ تي رکي احتجاج ڪيو ۽ ڊرائيور جي گرفتاري جو مطالبو ڪيو. خيرپور ويجهو روڊ حادثي ۾ موٽر سائيڪل سوار نوجوان فوت ٿي ويو، ورثن لاش کڻي روڊ تي رکي احتجاج ڪيو ۽ ڊرائيور جي گرفتاري جو مطالبو ڪيو.

شڪارپور
18
اغوا

ڪچي جي علائقي مان اغوا ٿيل ماڻهن جي بازيابي لاءِ ورثن احتجاج ڪيو، پوليس چيو ته بازيابي لاءِ آپريشن جاري آهي. ڪچي جي علائقي مان اغوا ٿيل ماڻهن جي بازيابي لاءِ ورثن احتجاج ڪيو، پوليس چيو ته بازيابي لاءِ آپريشن جاري آهي.

ڪشمور
19
پوليس

پوليس مقابلي دوران ٻه ڌاڙيل زخمي حالت ۾ گرفتار ڪيا ويا، جن وٽان هٿيار هٿ ڪيا ويا. پوليس مقابلي دوران ٻه ڌاڙيل زخمي حالت ۾ گرفتار ڪيا ويا، جن وٽان هٿيار هٿ ڪيا ويا.

گهوٽڪي
20
ميرپور ماٿيلو

شهر ۾ گئس جي لوڊشيڊنگ خلاف شهرين احتجاج ڪيو، شهرين چيو ته گئس جي فراهمي نه هجڻ سبب گهرن ۾ چلهه ٺري ويا آهن. شهر ۾ گئس جي لوڊشيڊنگ خلاف شهرين احتجاج ڪيو، شهرين چيو ته گئس جي فراهمي نه هجڻ سبب گهرن ۾ چلهه ٺري ويا آهن.

قمبر
21
وارهه

وارهه ۾ صحت مرڪز جي عملي جي غير حاضري خلاف شهرين احتجاج ڪيو. وارهه ۾ صحت مرڪز جي عملي جي غير حاضري خلاف شهرين احتجاج ڪيو.

مٽياري
22
آبادگار

ٽيل وارن علائقن ۾ پاڻي نه پهچڻ خلاف آبادگارن احتجاج ڪيو. ٽيل وارن علائقن ۾ پاڻي نه پهچڻ خلاف آبادگارن احتجاج ڪيو.

خيرپور
17
حادثو

خيرپور ويجهو روڊ حادثي ۾ موٽر سائيڪل سوار نوجوان فوت ٿي ويو، ورثن لاش کڻي روڊ تي رکي احتجاج ڪيو ۽ ڊرائيور جي گرفتاري جو مطالبو ڪيو. خيرپور ويجهو روڊ حادثي ۾ موٽر سائيڪل سوار نوجوان فوت ٿي ويو، ورثن لاش کڻي روڊ تي رکي احتجاج ڪيو ۽ ڊرائيور جي گرفتاري جو مطالبو ڪيو.

شڪارپور
18
اغوا

ڪچي جي علائقي مان اغوا ٿيل ماڻهن جي بازيابي لاءِ ورثن احتجاج ڪيو، پوليس چيو ته بازيابي لاءِ آپريشن جاري آهي. ڪچي جي علائقي مان اغوا ٿيل ماڻهن جي بازيابي لاءِ ورثن احتجاج ڪيو، پوليس چيو ته بازيابي لاءِ آپريشن جاري آهي.

ڪشمور
19
پوليس

پوليس مقابلي دوران ٻه ڌاڙيل زخمي حالت ۾ گرفتار ڪيا ويا، جن وٽان هٿيار هٿ ڪيا ويا. پوليس مقابلي دوران ٻه ڌاڙيل زخمي حالت ۾ گرفتار ڪيا ويا، جن وٽان هٿيار هٿ ڪيا ويا.

گهوٽڪي
20
ميرپور ماٿيلو

شهر ۾ گئس جي لوڊشيڊنگ خلاف شهرين احتجاج ڪيو، شهرين چيو ته گئس جي فراهمي نه هجڻ سبب گهرن ۾ چلهه ٺري ويا آهن. شهر ۾ گئس جي لوڊشيڊنگ خلاف شهرين احتجاج ڪيو، شهرين چيو ته گئس جي فراهمي نه هجڻ سبب گهرن ۾ چلهه ٺري ويا آهن.

قمبر
21
وارهه

وارهه ۾ صحت مرڪز جي عملي جي غير حاضري خلاف شهرين احتجاج ڪيو. وارهه ۾ صحت مرڪز جي عملي جي غير حاضري خلاف شهرين احتجاج ڪيو.

مٽياري
22
آبادگار

ٽيل وارن علائقن ۾ پاڻي نه پهچڻ خلاف آبادگارن احتجاج ڪيو. ٽيل وارن علائقن ۾ پاڻي نه پهچڻ خلاف آبادگارن احتجاج ڪيو.

خيرپور
17
حادثو

خيرپور ويجهو روڊ حادثي ۾ موٽر سائيڪل سوار نوجوان فوت ٿي ويو، ورثن لاش کڻي روڊ تي رکي احتجاج ڪيو ۽ ڊرائيور جي گرفتاري جو مطالبو ڪيو. خيرپور ويجهو روڊ حادثي ۾ موٽر سائيڪل سوار نوجوان فوت ٿي ويو، ورثن لاش کڻي روڊ تي رکي احتجاج ڪيو ۽ ڊرائيور جي گرفتاري جو مطالبو ڪيو.

شڪارپور
18
اغوا

ڪچي جي علائقي مان اغوا ٿيل ماڻهن جي بازيابي لاءِ ورثن احتجاج ڪيو، پوليس چيو ته بازيابي لاءِ آپريشن جاري آهي. ڪچي جي علائقي مان اغوا ٿيل ماڻهن جي بازيابي لاءِ ورثن احتجاج ڪيو، پوليس چيو ته بازيابي لاءِ آپريشن جاري آهي.

ڪشمور
19
پوليس

پوليس مقابلي دوران ٻه ڌاڙيل زخمي حالت ۾ گرفتار ڪيا ويا، جن وٽان هٿيار هٿ ڪيا ويا. پوليس مقابلي دوران ٻه ڌاڙيل زخمي حالت ۾ گرفتار ڪيا ويا، جن وٽان هٿيار هٿ ڪيا ويا.

گهوٽڪي
20
ميرپور ماٿيلو

شهر ۾ گئس جي لوڊشيڊنگ خلاف شهرين احتجاج ڪيو، شهرين چيو ته گئس جي فراهمي نه هجڻ سبب گهرن ۾ چلهه ٺري ويا آهن. شهر ۾ گئس جي لوڊشيڊنگ خلاف شهرين احتجاج ڪيو، شهرين چيو ته گئس جي فراهمي نه هجڻ سبب گهرن ۾ چلهه ٺري ويا آهن.

قمبر
21
وارهه

وارهه ۾ صحت مرڪز جي عملي جي غير حاضري خلاف شهرين احتجاج ڪيو. وارهه ۾ صحت مرڪز جي عملي جي غير حاضري خلاف شهرين احتجاج ڪيو.

مٽياري
22
آبادگار

ٽيل وارن علائقن ۾ پاڻي نه پهچڻ خلاف آبادگارن احتجاج ڪيو. ٽيل وارن علائقن ۾ پاڻي نه پهچڻ خلاف آبادگارن احتجاج ڪيو.

خيرپور
17
حادثو

خيرپور ويجهو روڊ حادثي ۾ موٽر سائيڪل سوار نوجوان فوت ٿي ويو، ورثن لاش کڻي روڊ تي رکي احتجاج ڪيو ۽ ڊرائيور جي گرفتاري جو مطالبو ڪيو. خيرپور ويجهو روڊ حادثي ۾ موٽر سائيڪل سوار نوجوان فوت ٿي ويو، ورثن لاش کڻي روڊ تي رکي احتجاج ڪيو ۽ ڊرائيور جي گرفتاري جو مطالبو ڪيو.

شڪارپور
18
اغوا

ڪچي جي علائقي مان اغوا ٿيل ماڻهن جي بازيابي لاءِ ورثن احتجاج ڪيو، پوليس چيو ته بازيابي لاءِ آپريشن جاري آهي. ڪچي جي علائقي مان اغوا ٿيل ماڻهن جي بازيابي لاءِ ورثن احتجاج ڪيو، پوليس چيو ته بازيابي لاءِ آپريشن جاري آهي.

ڪشمور
19
پوليس

پوليس مقابلي دوران ٻه ڌاڙيل زخمي حالت ۾ گرفتار ڪيا ويا، جن وٽان هٿيار هٿ ڪيا ويا. پوليس مقابلي دوران ٻه ڌاڙيل زخمي حالت ۾ گرفتار ڪيا ويا، جن وٽان هٿيار هٿ ڪيا ويا.

گهوٽڪي
20
ميرپور ماٿيلو

شهر ۾ گئس جي لوڊشيڊنگ خلاف شهرين احتجاج ڪيو، شهرين چيو ته گئس جي فراهمي نه هجڻ سبب گهرن ۾ چلهه ٺري ويا آهن. شهر ۾ گئس جي لوڊشيڊنگ خلاف شهرين احتجاج ڪيو، شهرين چيو ته گئس جي فراهمي نه هجڻ سبب گهرن ۾ چلهه ٺري ويا آهن.

قمبر
21
وارهه

وارهه ۾ صحت مرڪز جي عملي جي غير حاضري خلاف شهرين احتجاج ڪيو. وارهه ۾ صحت مرڪز جي عملي جي غير حاضري خلاف شهرين احتجاج ڪيو.

مٽياري
22
آبادگار

ٽيل وارن علائقن ۾ پاڻي نه پهچڻ خلاف آبادگارن احتجاج ڪيو. ٽيل وارن علائقن ۾ پاڻي نه پهچڻ خلاف آبادگارن احتجاج ڪيو.

حيدرآباد
11
سيمينار

شهر ۾ تعليم جي اهميت بابت سيمينار منعقد ڪيو ويو، جنهن ۾ مقررن چيو ته تعليم کان سواءِ ترقي ممڪن ناهي ۽ نوجوانن کي جديد علم حاصل ڪرڻ گهرجي. شهر ۾ تعليم جي اهميت بابت سيمينار منعقد ڪيو ويو، جنهن ۾ مقررن چيو ته تعليم کان سواءِ ترقي ممڪن ناهي ۽ نوجوانن کي جديد علم حاصل ڪرڻ گهرجي.

ٽنڊو الهيار
12
لوڊشيڊنگ

ٽنڊو الهيار ۾ بجلي جي غير اعلانيه لوڊشيڊنگ خلاف شهرين احتجاج ڪيو. ٽنڊو الهيار ۾ بجلي جي غير اعلانيه لوڊشيڊنگ خلاف شهرين احتجاج ڪيو.

جامشورو
13
شاگرد

يونيورسٽي جي شاگردن فيس ۾ واڌ خلاف احتجاج ڪيو ۽ مطالبو ڪيو ته فيس ۾ واڌ واپس ورتي وڃي. يونيورسٽي جي شاگردن فيس ۾ واڌ خلاف احتجاج ڪيو ۽ مطالبو ڪيو ته فيس ۾ واڌ واپس ورتي وڃي.

نوشهروفيروز
14
پاڻي

شهر ۾ پيئڻ جي پاڻي جي کوٽ خلاف شهرين احتجاج ڪيو. شهر ۾ پيئڻ جي پاڻي جي کوٽ خلاف شهرين احتجاج ڪيو.

سجاول
15
ڌرڻو

ماهيگيرن پنهنجن مطالبن جي حق ۾ ڌرڻو هنيو. ماهيگيرن پنهنجن مطالبن جي حق ۾ ڌرڻو هنيو.

گهارو
16
تشدد

گهارو ۾ عورت تي تشدد جي واقعي خلاف ورثن احتجاج ڪيو. گهارو ۾ عورت تي تشدد جي واقعي خلاف ورثن احتجاج ڪيو.

حيدرآباد
11
سيمينار

شهر ۾ تعليم جي اهميت بابت سيمينار منعقد ڪيو ويو، جنهن ۾ مقررن چيو ته تعليم کان سواءِ ترقي ممڪن ناهي ۽ نوجوانن کي جديد علم حاصل ڪرڻ گهرجي. شهر ۾ تعليم جي اهميت بابت سيمينار منعقد ڪيو ويو، جنهن ۾ مقررن چيو ته تعليم کان سواءِ ترقي ممڪن ناهي ۽ نوجوانن کي جديد علم حاصل ڪرڻ گهرجي.

ٽنڊو الهيار
12
لوڊشيڊنگ

ٽنڊو الهيار ۾ بجلي جي غير اعلانيه لوڊشيڊنگ خلاف شهرين احتجاج ڪيو. ٽنڊو الهيار ۾ بجلي جي غير اعلانيه لوڊشيڊنگ خلاف شهرين احتجاج ڪيو.

جامشورو
13
شاگرد

يونيورسٽي جي شاگردن فيس ۾ واڌ خلاف احتجاج ڪيو ۽ مطالبو ڪيو ته فيس ۾ واڌ واپس ورتي وڃي. يونيورسٽي جي شاگردن فيس ۾ واڌ خلاف احتجاج ڪيو ۽ مطالبو ڪيو ته فيس ۾ واڌ واپس ورتي وڃي.

نوشهروفيروز
14
پاڻي

شهر ۾ پيئڻ جي پاڻي جي کوٽ خلاف شهرين احتجاج ڪيو. شهر ۾ پيئڻ جي پاڻي جي کوٽ خلاف شهرين احتجاج ڪيو.

سجاول
15
ڌرڻو

ماهيگيرن پنهنجن مطالبن جي حق ۾ ڌرڻو هنيو. ماهيگيرن پنهنجن مطالبن جي حق ۾ ڌرڻو هنيو.

گهارو
16
تشدد

گهارو ۾ عورت تي تشدد جي واقعي خلاف ورثن احتجاج ڪيو. گهارو ۾ عورت تي تشدد جي واقعي خلاف ورثن احتجاج ڪيو.

حيدرآباد
11
سيمينار

شهر ۾ تعليم جي اهميت بابت سيمينار منعقد ڪيو ويو، جنهن ۾ مقررن چيو ته تعليم کان سواءِ ترقي ممڪن ناهي ۽ نوجوانن کي جديد علم حاصل ڪرڻ گهرجي. شهر ۾ تعليم جي اهميت بابت سيمينار منعقد ڪيو ويو، جنهن ۾ مقررن چيو ته تعليم کان سواءِ ترقي ممڪن ناهي ۽ نوجوانن کي جديد علم حاصل ڪرڻ گهرجي.

ٽنڊو الهيار
12
لوڊشيڊنگ

ٽنڊو الهيار ۾ بجلي جي غير اعلانيه لوڊشيڊنگ خلاف شهرين احتجاج ڪيو. ٽنڊو الهيار ۾ بجلي جي غير اعلانيه لوڊشيڊنگ خلاف شهرين احتجاج ڪيو.

جامشورو
13
شاگرد

يونيورسٽي جي شاگردن فيس ۾ واڌ خلاف احتجاج ڪيو ۽ مطالبو ڪيو ته فيس ۾ واڌ واپس ورتي وڃي. يونيورسٽي جي شاگردن فيس ۾ واڌ خلاف احتجاج ڪيو ۽ مطالبو ڪيو ته فيس ۾ واڌ واپس ورتي وڃي.

نوشهروفيروز
14
پاڻي

شهر ۾ پيئڻ جي پاڻي جي کوٽ خلاف شهرين احتجاج ڪيو. شهر ۾ پيئڻ جي پاڻي جي کوٽ خلاف شهرين احتجاج ڪيو.

سجاول
15
ڌرڻو

ماهيگيرن پنهنجن مطالبن جي حق ۾ ڌرڻو هنيو. ماهيگيرن پنهنجن مطالبن جي حق ۾ ڌرڻو هنيو.

گهارو
16
تشدد

گهارو ۾ عورت تي تشدد جي واقعي خلاف ورثن احتجاج ڪيو. گهارو ۾ عورت تي تشدد جي واقعي خلاف ورثن احتجاج ڪيو.

حيدرآباد
11
سيمينار

شهر ۾ تعليم جي اهميت بابت سيمينار منعقد ڪيو ويو، جنهن ۾ مقررن چيو ته تعليم کان سواءِ ترقي ممڪن ناهي ۽ نوجوانن کي جديد علم حاصل ڪرڻ گهرجي. شهر ۾ تعليم جي اهميت بابت سيمينار منعقد ڪيو ويو، جنهن ۾ مقررن چيو ته تعليم کان سواءِ ترقي ممڪن ناهي ۽ نوجوانن کي جديد علم حاصل ڪرڻ گهرجي.

ٽنڊو الهيار
12
لوڊشيڊنگ

ٽنڊو الهيار ۾ بجلي جي غير اعلانيه لوڊشيڊنگ خلاف شهرين احتجاج ڪيو. ٽنڊو الهيار ۾ بجلي جي غير اعلانيه لوڊشيڊنگ خلاف شهرين احتجاج ڪيو.

جامشورو
13
شاگرد

يونيورسٽي جي شاگردن فيس ۾ واڌ خلاف احتجاج ڪيو ۽ مطالبو ڪيو ته فيس ۾ واڌ واپس ورتي وڃي. يونيورسٽي جي شاگردن فيس ۾ واڌ خلاف احتجاج ڪيو ۽ مطالبو ڪيو ته فيس ۾ واڌ واپس ورتي وڃي.

نوشهروفيروز
14
پاڻي

شهر ۾ پيئڻ جي پاڻي جي کوٽ خلاف شهرين احتجاج ڪيو. شهر ۾ پيئڻ جي پاڻي جي کوٽ خلاف شهرين احتجاج ڪيو.

سجاول
15
ڌرڻو

ماهيگيرن پنهنجن مطالبن جي حق ۾ ڌرڻو هنيو. ماهيگيرن پنهنجن مطالبن جي حق ۾ ڌرڻو هنيو.

گهارو
16
تشدد

گهارو ۾ عورت تي تشدد جي واقعي خلاف ورثن احتجاج ڪيو. گهارو ۾ عورت تي تشدد جي واقعي خلاف ورثن احتجاج ڪيو.

ڪراچي
1
سلمان نائچ

شهر ۾ ٽريفڪ جي بدترين صورتحال سبب شهرين کي ڪلاڪن جا ڪلاڪ روڊن تي گذارڻا پون ٿا، ٽريفڪ پوليس پاران متبادل رستا ڏنا ويا. شهر ۾ ٽريفڪ جي بدترين صورتحال سبب شهرين کي ڪلاڪن جا ڪلاڪ روڊن تي گذارڻا پون ٿا، ٽريفڪ پوليس پاران متبادل رستا ڏنا ويا.

ڪراچي
2
ٻه جوان

ڪراچي جي مختلف علائقن ۾ اسٽريٽ ڪرائيمز جا واقعا وڌي ويا آهن، پوليس ڪارروائي ڪندي ملزمن کي گرفتار ڪيو. ڪراچي جي مختلف علائقن ۾ اسٽريٽ ڪرائيمز جا واقعا وڌي ويا آهن، پوليس ڪارروائي ڪندي ملزمن کي گرفتار ڪيو.

ڪراچي
3
مارچ

مزدور تنظيمن پاران پگهارن ۾ واڌ لاءِ مارچ ڪيو ويو. مزدور تنظيمن پاران پگهارن ۾ واڌ لاءِ مارچ ڪيو ويو.

لانڍي
4
ڪليم

لانڍي ۾ پاڻي جي کوٽ خلاف شهرين احتجاج ڪيو. لانڍي ۾ پاڻي جي کوٽ خلاف شهرين احتجاج ڪيو.

ملير
5
نيوز

ملير ۾ صفائي مهم شروع ڪئي وئي. ملير ۾ صفائي مهم شروع ڪئي وئي.

ڪورنگي
6
رپورٽ

ڪورنگي ۾ فيڪٽري مزدورن احتجاج ڪيو. ڪورنگي ۾ فيڪٽري مزدورن احتجاج ڪيو.

ڪياماڙي
7
نمائندو

ڪياماڙي ۾ ماهيگيرن جي مسئلن بابت اجلاس ٿيو. ڪياماڙي ۾ ماهيگيرن جي مسئلن بابت اجلاس ٿيو.

صدر
8
واپاري

صدر ۾ واپارين تجاوزات خلاف آپريشن تي احتجاج ڪيو. صدر ۾ واپارين تجاوزات خلاف آپريشن تي احتجاج ڪيو.

گلشن
9
گرفتار

گلشن اقبال مان منشيات فروش گرفتار ڪيا ويا. گلشن اقبال مان منشيات فروش گرفتار ڪيا ويا.

ليياري
10
فٽبال

ليياري ۾ فٽبال ٽورنامينٽ جو فائنل کيڏيو ويو. ليياري ۾ فٽبال ٽورنامينٽ جو فائنل کيڏيو ويو.

ڪراچي
1
سلمان نائچ

شهر ۾ ٽريفڪ جي بدترين صورتحال سبب شهرين کي ڪلاڪن جا ڪلاڪ روڊن تي گذارڻا پون ٿا، ٽريفڪ پوليس پاران متبادل رستا ڏنا ويا. شهر ۾ ٽريفڪ جي بدترين صورتحال سبب شهرين کي ڪلاڪن جا ڪلاڪ روڊن تي گذارڻا پون ٿا، ٽريفڪ پوليس پاران متبادل رستا ڏنا ويا.

ڪراچي
2
ٻه جوان

ڪراچي جي مختلف علائقن ۾ اسٽريٽ ڪرائيمز جا واقعا وڌي ويا آهن، پوليس ڪارروائي ڪندي ملزمن کي گرفتار ڪيو. ڪراچي جي مختلف علائقن ۾ اسٽريٽ ڪرائيمز جا واقعا وڌي ويا آهن، پوليس ڪارروائي ڪندي ملزمن کي گرفتار ڪيو.

ڪراچي
3
مارچ

مزدور تنظيمن پاران پگهارن ۾ واڌ لاءِ مارچ ڪيو ويو. مزدور تنظيمن پاران پگهارن ۾ واڌ لاءِ مارچ ڪيو ويو.

لانڍي
4
ڪليم

لانڍي ۾ پاڻي جي کوٽ خلاف شهرين احتجاج ڪيو. لانڍي ۾ پاڻي جي کوٽ خلاف شهرين احتجاج ڪيو.

ملير
5
نيوز

ملير ۾ صفائي مهم شروع ڪئي وئي. ملير ۾ صفائي مهم شروع ڪئي وئي.

ڪورنگي
6
رپورٽ

ڪورنگي ۾ فيڪٽري مزدورن احتجاج ڪيو. ڪورنگي ۾ فيڪٽري مزدورن احتجاج ڪيو.

ڪياماڙي
7
نمائندو

ڪياماڙي ۾ ماهيگيرن جي مسئلن بابت اجلاس ٿيو. ڪياماڙي ۾ ماهيگيرن جي مسئلن بابت اجلاس ٿيو.

صدر
8
واپاري

صدر ۾ واپارين تجاوزات خلاف آپريشن تي احتجاج ڪيو. صدر ۾ واپارين تجاوزات خلاف آپريشن تي احتجاج ڪيو.

گلشن
9
گرفتار

گلشن اقبال مان منشيات فروش گرفتار ڪيا ويا. گلشن اقبال مان منشيات فروش گرفتار ڪيا ويا.

ليياري
10
فٽبال

ليياري ۾ فٽبال ٽورنامينٽ جو فائنل کيڏيو ويو. ليياري ۾ فٽبال ٽورنامينٽ جو فائنل کيڏيو ويو.

ڪراچي
1
سلمان نائچ

شهر ۾ ٽريفڪ جي بدترين صورتحال سبب شهرين کي ڪلاڪن جا ڪلاڪ روڊن تي گذارڻا پون ٿا، ٽريفڪ پوليس پاران متبادل رستا ڏنا ويا. شهر ۾ ٽريفڪ جي بدترين صورتحال سبب شهرين کي ڪلاڪن جا ڪلاڪ روڊن تي گذارڻا پون ٿا، ٽريفڪ پوليس پاران متبادل رستا ڏنا ويا.

ڪراچي
2
ٻه جوان

ڪراچي جي مختلف علائقن ۾ اسٽريٽ ڪرائيمز جا واقعا وڌي ويا آهن، پوليس ڪارروائي ڪندي ملزمن کي گرفتار ڪيو. ڪراچي جي مختلف علائقن ۾ اسٽريٽ ڪرائيمز جا واقعا وڌي ويا آهن، پوليس ڪارروائي ڪندي ملزمن کي گرفتار ڪيو.

ڪراچي
3
مارچ

مزدور تنظيمن پاران پگهارن ۾ واڌ لاءِ مارچ ڪيو ويو. مزدور تنظيمن پاران پگهارن ۾ واڌ لاءِ مارچ ڪيو ويو.

لانڍي
4
ڪليم

لانڍي ۾ پاڻي جي کوٽ خلاف شهرين احتجاج ڪيو. لانڍي ۾ پاڻي جي کوٽ خلاف شهرين احتجاج ڪيو.

ملير
5
نيوز

ملير ۾ صفائي مهم شروع ڪئي وئي. ملير ۾ صفائي مهم شروع ڪئي وئي.

ڪورنگي
6
رپورٽ

ڪورنگي ۾ فيڪٽري مزدورن احتجاج ڪيو. ڪورنگي ۾ فيڪٽري مزدورن احتجاج ڪيو.

ڪياماڙي
7
نمائندو

ڪياماڙي ۾ ماهيگيرن جي مسئلن بابت اجلاس ٿيو. ڪياماڙي ۾ ماهيگيرن جي مسئلن بابت اجلاس ٿيو.

صدر
8
واپاري

صدر ۾ واپارين تجاوزات خلاف آپريشن تي احتجاج ڪيو. صدر ۾ واپارين تجاوزات خلاف آپريشن تي احتجاج ڪيو.

گلشن
9
گرفتار

گلشن اقبال مان منشيات فروش گرفتار ڪيا ويا. گلشن اقبال مان منشيات فروش گرفتار ڪيا ويا.

ليياري
10
فٽبال

ليياري ۾ فٽبال ٽورنامينٽ جو فائنل کيڏيو ويو. ليياري ۾ فٽبال ٽورنامينٽ جو فائنل کيڏيو ويو.

ڪراچي
1
سلمان نائچ

شهر ۾ ٽريفڪ جي بدترين صورتحال سبب شهرين کي ڪلاڪن جا ڪلاڪ روڊن تي گذارڻا پون ٿا، ٽريفڪ پوليس پاران متبادل رستا ڏنا ويا. شهر ۾ ٽريفڪ جي بدترين صورتحال سبب شهرين کي ڪلاڪن جا ڪلاڪ روڊن تي گذارڻا پون ٿا، ٽريفڪ پوليس پاران متبادل رستا ڏنا ويا.

ڪراچي
2
ٻه جوان

ڪراچي جي مختلف علائقن ۾ اسٽريٽ ڪرائيمز جا واقعا وڌي ويا آهن، پوليس ڪارروائي ڪندي ملزمن کي گرفتار ڪيو. ڪراچي جي مختلف علائقن ۾ اسٽريٽ ڪرائيمز جا واقعا وڌي ويا آهن، پوليس ڪارروائي ڪندي ملزمن کي گرفتار ڪيو.

ڪراچي
3
مارچ

مزدور تنظيمن پاران پگهارن ۾ واڌ لاءِ مارچ ڪيو ويو. مزدور تنظيمن پاران پگهارن ۾ واڌ لاءِ مارچ ڪيو ويو.

لانڍي
4
ڪليم

لانڍي ۾ پاڻي جي کوٽ خلاف شهرين احتجاج ڪيو. لانڍي ۾ پاڻي جي کوٽ خلاف شهرين احتجاج ڪيو.

ملير
5
نيوز

ملير ۾ صفائي مهم شروع ڪئي وئي. ملير ۾ صفائي مهم شروع ڪئي وئي.

ڪورنگي
6
رپورٽ

ڪورنگي ۾ فيڪٽري مزدورن احتجاج ڪيو. ڪورنگي ۾ فيڪٽري مزدورن احتجاج ڪيو.

ڪياماڙي
7
نمائندو

ڪياماڙي ۾ ماهيگيرن جي مسئلن بابت اجلاس ٿيو. ڪياماڙي ۾ ماهيگيرن جي مسئلن بابت اجلاس ٿيو.

صدر
8
واپاري

صدر ۾ واپارين تجاوزات خلاف آپريشن تي احتجاج ڪيو. صدر ۾ واپارين تجاوزات خلاف آپريشن تي احتجاج ڪيو.

گلشن
9
گرفتار

گلشن اقبال مان منشيات فروش گرفتار ڪيا ويا. گلشن اقبال مان منشيات فروش گرفتار ڪيا ويا.

ليياري
10
فٽبال

ليياري ۾ فٽبال ٽورنامينٽ جو فائنل کيڏيو ويو. ليياري ۾ فٽبال ٽورنامينٽ جو فائنل کيڏيو ويو.
